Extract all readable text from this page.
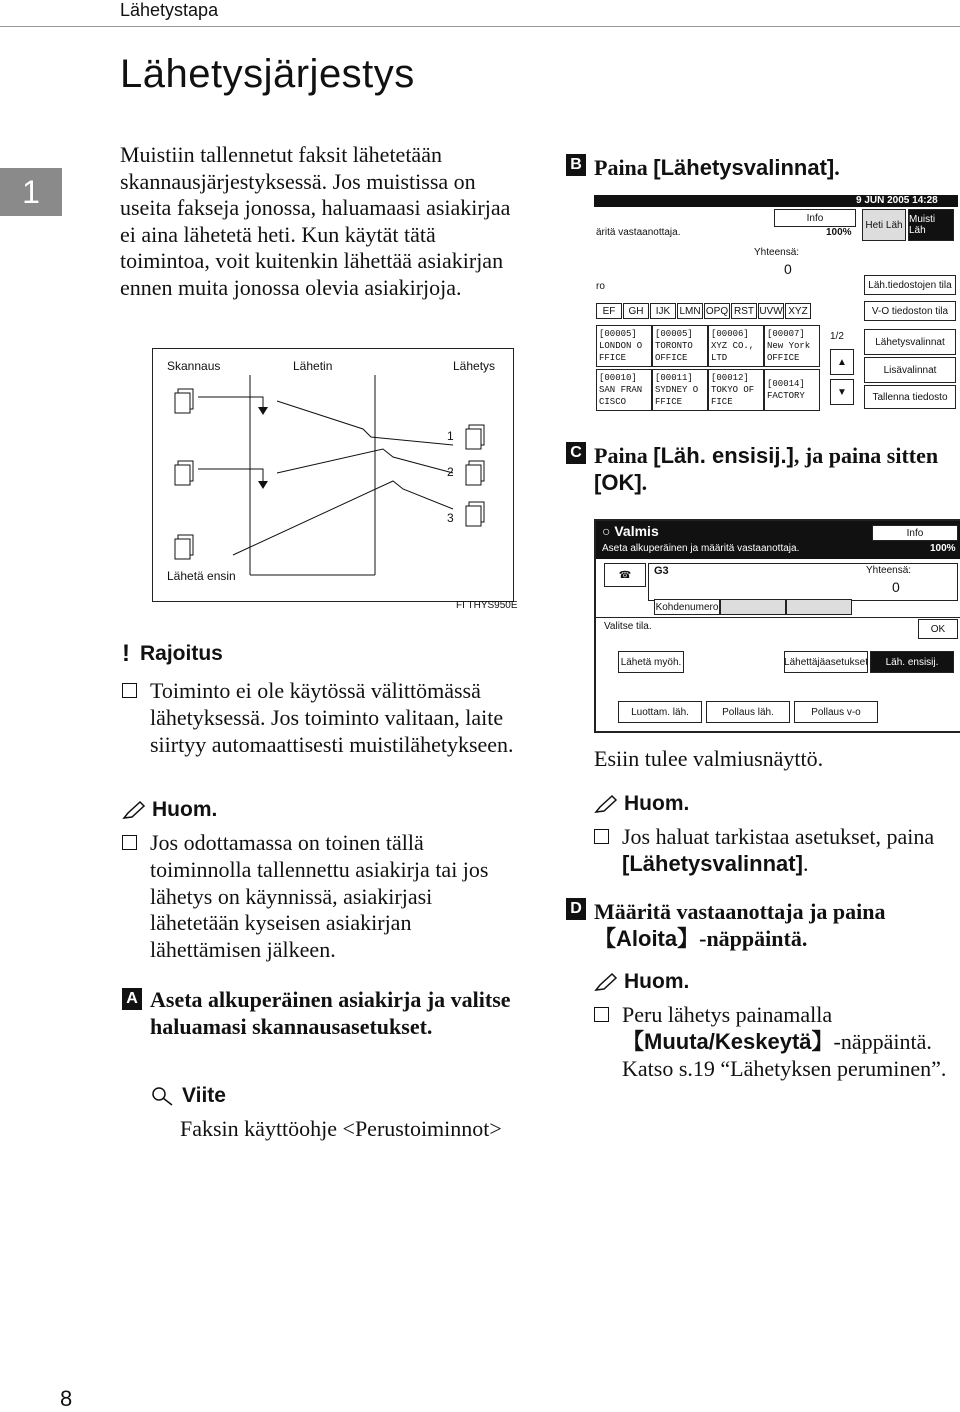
Lähetystapa
Lähetysjärjestys
1
Muistiin tallennetut faksit lähetetään skannausjärjestyksessä. Jos muistissa on useita fakseja jonossa, haluamaasi asiakirjaa ei aina lähetetä heti. Kun käytät tätä toimintoa, voit kuitenkin lähettää asiakirjan ennen muita jonossa olevia asiakirjoja.
Skannaus	Lähetin	Lähetys
1
2
3
Lähetä ensin
FI THYS950E
! Rajoitus
Toiminto ei ole käytössä välittömässä lähetyksessä. Jos toiminto valitaan, laite siirtyy automaattisesti muistilähetykseen.
Huom.
Jos odottamassa on toinen tällä toiminnolla tallennettu asiakirja tai jos lähetys on käynnissä, asiakirjasi lähetetään kyseisen asiakirjan lähettämisen jälkeen.
A Aseta alkuperäinen asiakirja ja valitse haluamasi skannausasetukset.
Viite
Faksin käyttöohje <Perustoiminnot>
B Paina [Lähetysvalinnat].
9 JUN 2005 14:28
äritä vastaanottaja.
Info
100%
Heti Läh Muisti Läh
Yhteensä:
0
Läh.tiedostojen tila
V-O tiedoston tila
Lähetysvalinnat
Lisävalinnat
Tallenna tiedosto
1/2
▲
▼
ro
EF	GH	IJK LMN OPQ RST UVW XYZ
[00005]
LONDON O
FFICE
[00005]
TORONTO
OFFICE
[00006]
XYZ CO.,
LTD
[00007]
New York
OFFICE
[00010]
SAN FRAN
CISCO
[00011]
SYDNEY O
FFICE
[00012]
TOKYO OF
FICE
[00014]
FACTORY
C Paina [Läh. ensisij.], ja paina sitten [OK].
○ Valmis	Info
Aseta alkuperäinen ja määritä vastaanottaja.	100%
☎	G3	Yhteensä:
0
Kohdenumero
Valitse tila.	OK
Lähetä myöh.	Lähettäjäasetukset	Läh. ensisij.
Luottam. läh.	Pollaus läh.	Pollaus v-o
Esiin tulee valmiusnäyttö.
Huom.
Jos haluat tarkistaa asetukset, paina [Lähetysvalinnat].
D Määritä vastaanottaja ja paina 【Aloita】-näppäintä.
Huom.
Peru lähetys painamalla 【Muuta/Keskeytä】-näppäintä. Katso s.19 “Lähetyksen peruminen”.
8
